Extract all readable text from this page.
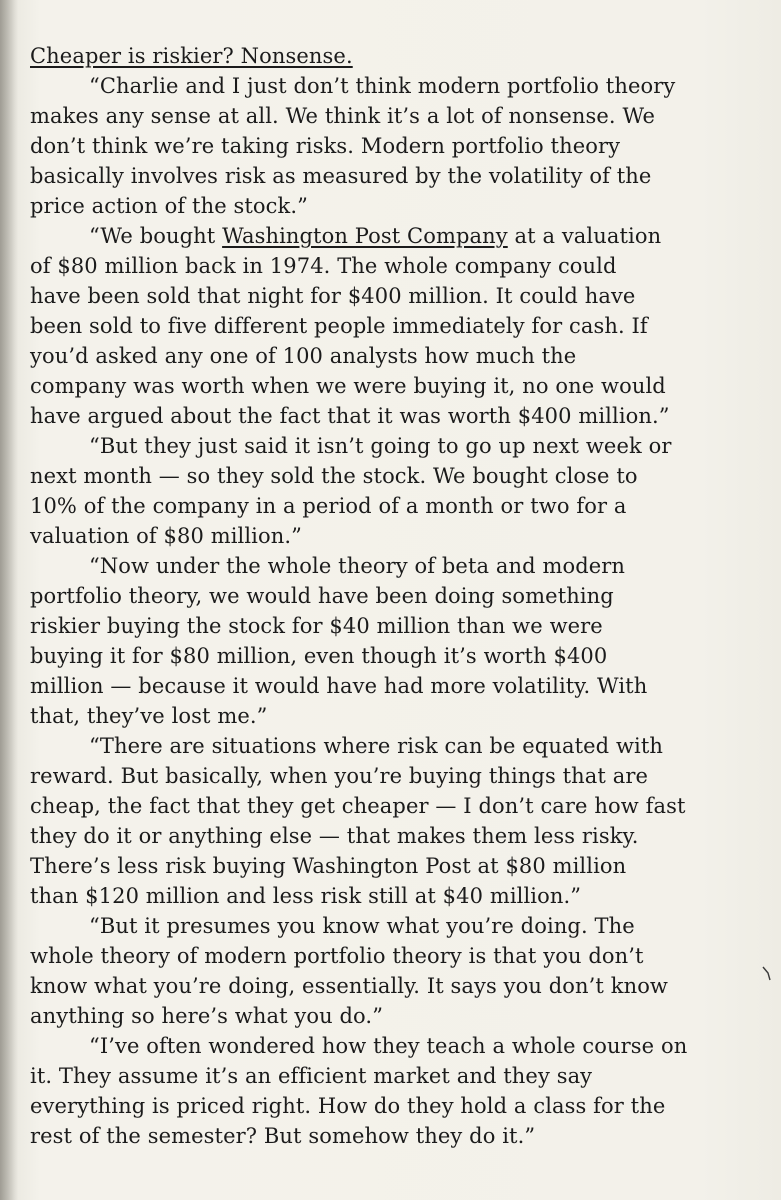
Cheaper is riskier? Nonsense.

“Charlie and I just don’t think modern portfolio theory
makes any sense at all. We think it’s a lot of nonsense. We
don’t think we’re taking risks. Modern portfolio theory
basically involves risk as measured by the volatility of the
price action of the stock.”

“We bought Washington Post Company at a valuation
of $80 million back in 1974. The whole company could
have been sold that night for $400 million. It could have
been sold to five different people immediately for cash. If
you’d asked any one of 100 analysts how much the
company was worth when we were buying it, no one would
have argued about the fact that it was worth $400 million.”

“But they just said it isn’t going to go up next week or
next month — so they sold the stock. We bought close to
10% of the company in a period of a month or two for a
valuation of $80 million.”

“Now under the whole theory of beta and modern
portfolio theory, we would have been doing something
riskier buying the stock for $40 million than we were
buying it for $80 million, even though it’s worth $400
million — because it would have had more volatility. With
that, they’ve lost me.”

“There are situations where risk can be equated with
reward. But basically, when you’re buying things that are
cheap, the fact that they get cheaper — I don’t care how fast
they do it or anything else — that makes them less risky.
There’s less risk buying Washington Post at $80 million
than $120 million and less risk still at $40 million.”

“But it presumes you know what you’re doing. The
whole theory of modern portfolio theory is that you don’t
know what you’re doing, essentially. It says you don’t know
anything so here’s what you do.”

“I’ve often wondered how they teach a whole course on
it. They assume it’s an efficient market and they say
everything is priced right. How do they hold a class for the
rest of the semester? But somehow they do it.”
